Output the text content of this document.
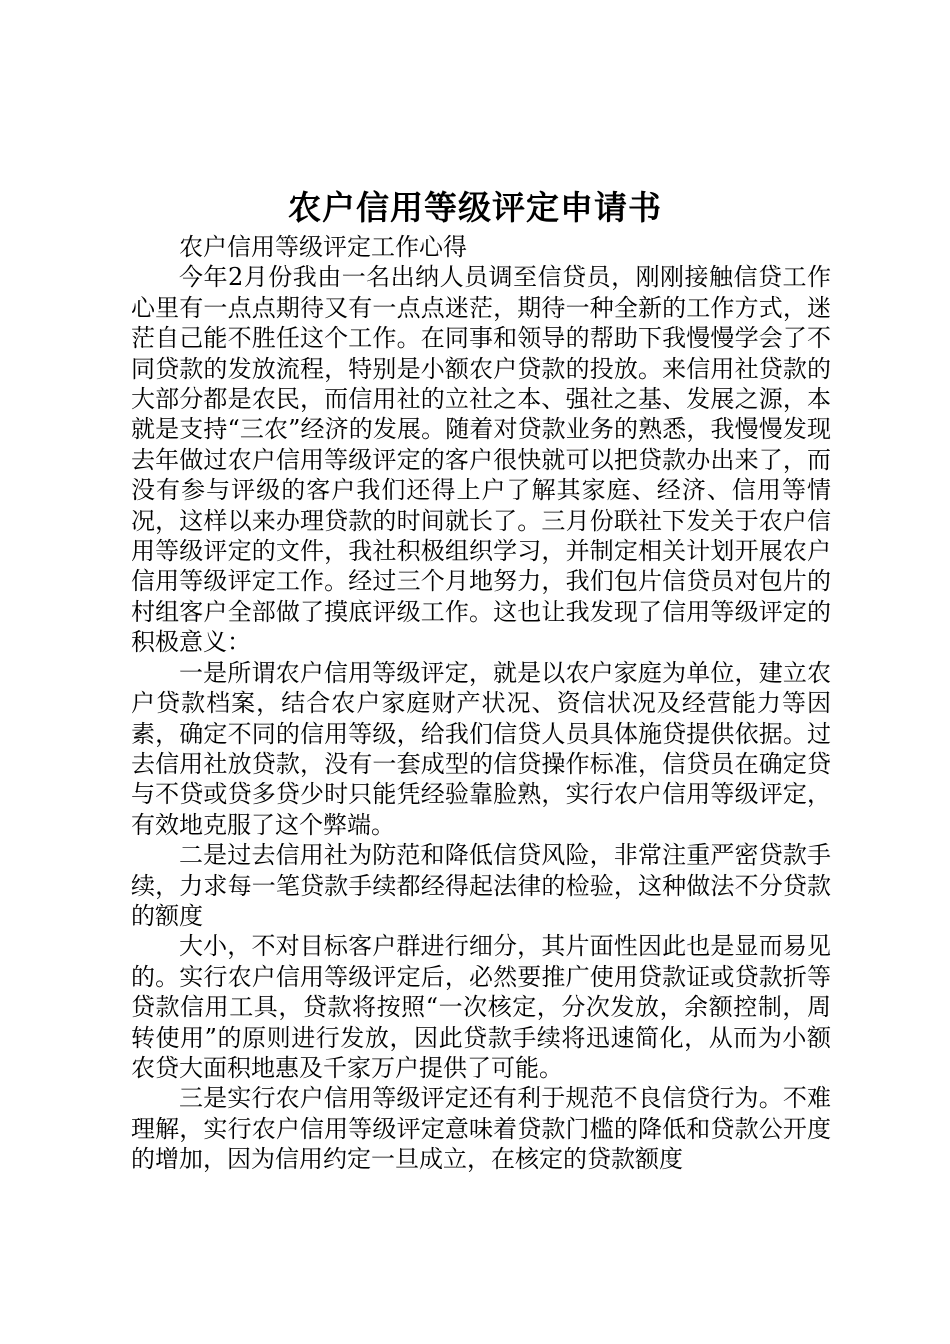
农户信用等级评定申请书

农户信用等级评定工作心得

今年2月份我由一名出纳人员调至信贷员，刚刚接触信贷工作心里有一点点期待又有一点点迷茫，期待一种全新的工作方式，迷茫自己能不胜任这个工作。在同事和领导的帮助下我慢慢学会了不同贷款的发放流程，特别是小额农户贷款的投放。来信用社贷款的大部分都是农民，而信用社的立社之本、强社之基、发展之源，本就是支持“三农”经济的发展。随着对贷款业务的熟悉，我慢慢发现去年做过农户信用等级评定的客户很快就可以把贷款办出来了，而没有参与评级的客户我们还得上户了解其家庭、经济、信用等情况，这样以来办理贷款的时间就长了。三月份联社下发关于农户信用等级评定的文件，我社积极组织学习，并制定相关计划开展农户信用等级评定工作。经过三个月地努力，我们包片信贷员对包片的村组客户全部做了摸底评级工作。这也让我发现了信用等级评定的积极意义：

一是所谓农户信用等级评定，就是以农户家庭为单位，建立农户贷款档案，结合农户家庭财产状况、资信状况及经营能力等因素，确定不同的信用等级，给我们信贷人员具体施贷提供依据。过去信用社放贷款，没有一套成型的信贷操作标准，信贷员在确定贷与不贷或贷多贷少时只能凭经验靠脸熟，实行农户信用等级评定，有效地克服了这个弊端。

二是过去信用社为防范和降低信贷风险，非常注重严密贷款手续，力求每一笔贷款手续都经得起法律的检验，这种做法不分贷款的额度

大小，不对目标客户群进行细分，其片面性因此也是显而易见的。实行农户信用等级评定后，必然要推广使用贷款证或贷款折等贷款信用工具，贷款将按照“一次核定，分次发放，余额控制，周转使用”的原则进行发放，因此贷款手续将迅速简化，从而为小额农贷大面积地惠及千家万户提供了可能。

三是实行农户信用等级评定还有利于规范不良信贷行为。不难理解，实行农户信用等级评定意味着贷款门槛的降低和贷款公开度的增加，因为信用约定一旦成立，在核定的贷款额度
